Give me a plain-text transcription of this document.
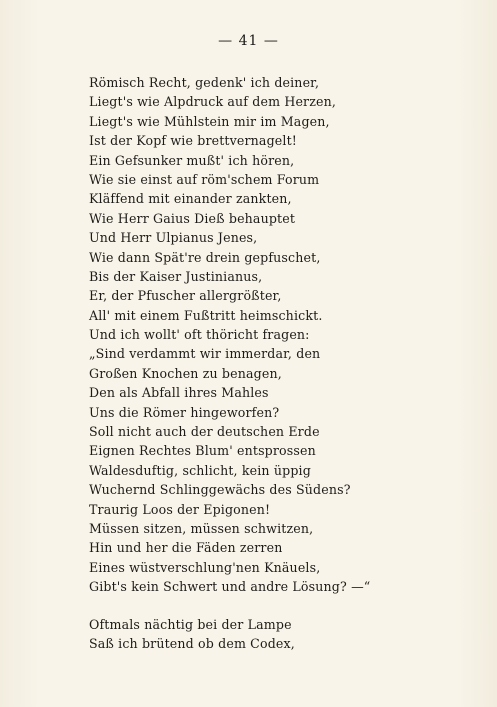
— 41 —
Römisch Recht, gedenk' ich deiner,
Liegt's wie Alpdruck auf dem Herzen,
Liegt's wie Mühlstein mir im Magen,
Ist der Kopf wie brettvernagelt!
Ein Gefsunker mußt' ich hören,
Wie sie einst auf röm'schem Forum
Kläffend mit einander zankten,
Wie Herr Gaius Dieß behauptet
Und Herr Ulpianus Jenes,
Wie dann Spät're drein gepfuschet,
Bis der Kaiser Justinianus,
Er, der Pfuscher allergrößter,
All' mit einem Fußtritt heimschickt.
Und ich wollt' oft thöricht fragen:
„Sind verdammt wir immerdar, den
Großen Knochen zu benagen,
Den als Abfall ihres Mahles
Uns die Römer hingeworfen?
Soll nicht auch der deutschen Erde
Eignen Rechtes Blum' entsprossen
Waldesduftig, schlicht, kein üppig
Wuchernd Schlinggewächs des Südens?
Traurig Loos der Epigonen!
Müssen sitzen, müssen schwitzen,
Hin und her die Fäden zerren
Eines wüstverschlung'nen Knäuels,
Gibt's kein Schwert und andre Lösung? —“
Oftmals nächtig bei der Lampe
Saß ich brütend ob dem Codex,
